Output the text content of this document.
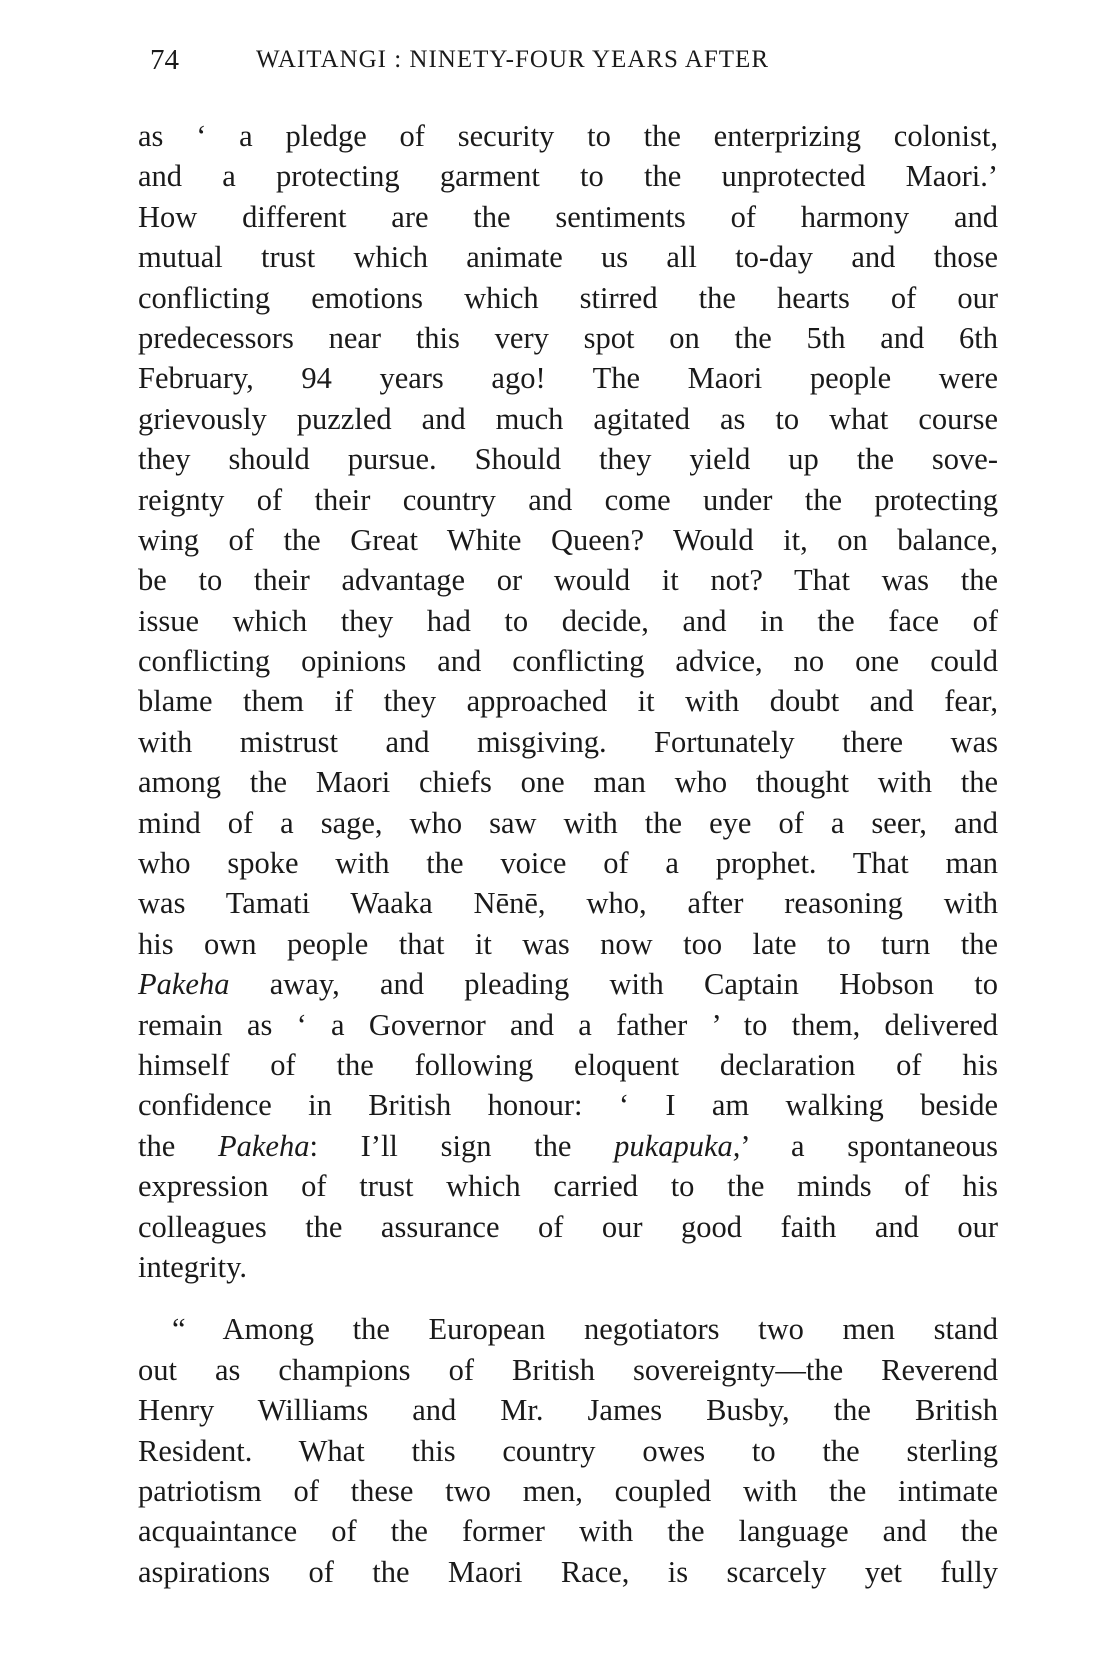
74	WAITANGI : NINETY-FOUR YEARS AFTER
as ‘ a pledge of security to the enterprizing colonist,
and a protecting garment to the unprotected Maori.’
How different are the sentiments of harmony and
mutual trust which animate us all to-day and those
conflicting emotions which stirred the hearts of our
predecessors near this very spot on the 5th and 6th
February, 94 years ago! The Maori people were
grievously puzzled and much agitated as to what course
they should pursue. Should they yield up the sove-
reignty of their country and come under the protecting
wing of the Great White Queen? Would it, on balance,
be to their advantage or would it not? That was the
issue which they had to decide, and in the face of
conflicting opinions and conflicting advice, no one could
blame them if they approached it with doubt and fear,
with mistrust and misgiving. Fortunately there was
among the Maori chiefs one man who thought with the
mind of a sage, who saw with the eye of a seer, and
who spoke with the voice of a prophet. That man
was Tamati Waaka Nēnē, who, after reasoning with
his own people that it was now too late to turn the
Pakeha away, and pleading with Captain Hobson to
remain as ‘ a Governor and a father ’ to them, delivered
himself of the following eloquent declaration of his
confidence in British honour: ‘ I am walking beside
the Pakeha: I’ll sign the pukapuka,’ a spontaneous
expression of trust which carried to the minds of his
colleagues the assurance of our good faith and our
integrity.
“ Among the European negotiators two men stand
out as champions of British sovereignty—the Reverend
Henry Williams and Mr. James Busby, the British
Resident. What this country owes to the sterling
patriotism of these two men, coupled with the intimate
acquaintance of the former with the language and the
aspirations of the Maori Race, is scarcely yet fully
